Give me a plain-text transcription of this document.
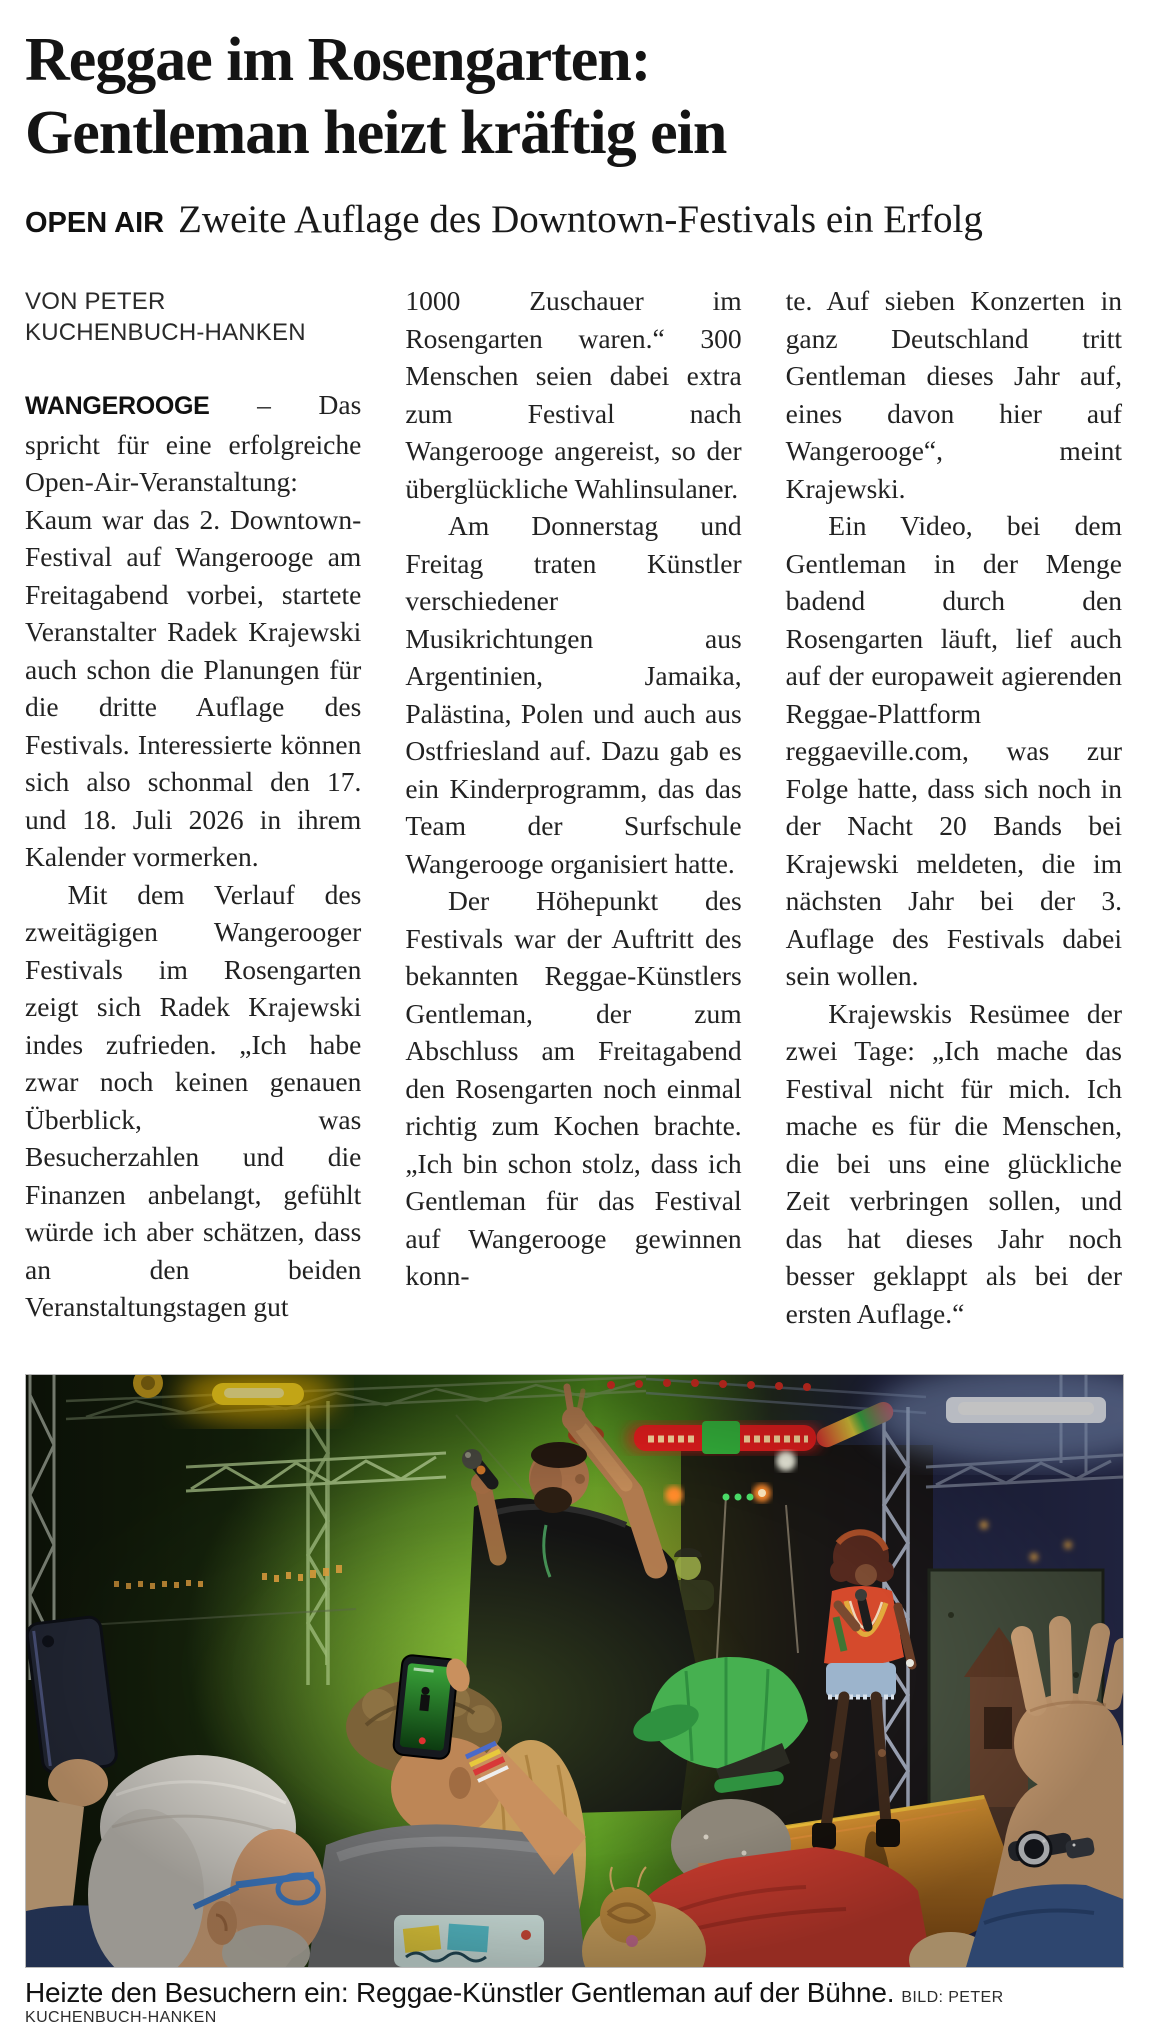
Reggae im Rosengarten:
Gentleman heizt kräftig ein
OPEN AIR Zweite Auflage des Downtown-Festivals ein Erfolg
VON PETER
KUCHENBUCH-HANKEN

WANGEROOGE – Das spricht für eine erfolgreiche Open-Air-Veranstaltung: Kaum war das 2. Downtown-Festival auf Wangerooge am Freitagabend vorbei, startete Veranstalter Radek Krajewski auch schon die Planungen für die dritte Auflage des Festivals. Interessierte können sich also schonmal den 17. und 18. Juli 2026 in ihrem Kalender vormerken.

Mit dem Verlauf des zweitägigen Wangerooger Festivals im Rosengarten zeigt sich Radek Krajewski indes zufrieden. „Ich habe zwar noch keinen genauen Überblick, was Besucherzahlen und die Finanzen anbelangt, gefühlt würde ich aber schätzen, dass an den beiden Veranstaltungstagen gut

1000 Zuschauer im Rosengarten waren.“ 300 Menschen seien dabei extra zum Festival nach Wangerooge angereist, so der überglückliche Wahlinsulaner.

Am Donnerstag und Freitag traten Künstler verschiedener Musikrichtungen aus Argentinien, Jamaika, Palästina, Polen und auch aus Ostfriesland auf. Dazu gab es ein Kinderprogramm, das das Team der Surfschule Wangerooge organisiert hatte.

Der Höhepunkt des Festivals war der Auftritt des bekannten Reggae-Künstlers Gentleman, der zum Abschluss am Freitagabend den Rosengarten noch einmal richtig zum Kochen brachte. „Ich bin schon stolz, dass ich Gentleman für das Festival auf Wangerooge gewinnen konn-

te. Auf sieben Konzerten in ganz Deutschland tritt Gentleman dieses Jahr auf, eines davon hier auf Wangerooge“, meint Krajewski.

Ein Video, bei dem Gentleman in der Menge badend durch den Rosengarten läuft, lief auch auf der europaweit agierenden Reggae-Plattform reggaeville.com, was zur Folge hatte, dass sich noch in der Nacht 20 Bands bei Krajewski meldeten, die im nächsten Jahr bei der 3. Auflage des Festivals dabei sein wollen.

Krajewskis Resümee der zwei Tage: „Ich mache das Festival nicht für mich. Ich mache es für die Menschen, die bei uns eine glückliche Zeit verbringen sollen, und das hat dieses Jahr noch besser geklappt als bei der ersten Auflage.“

Heizte den Besuchern ein: Reggae-Künstler Gentleman auf der Bühne. BILD: PETER KUCHENBUCH-HANKEN
